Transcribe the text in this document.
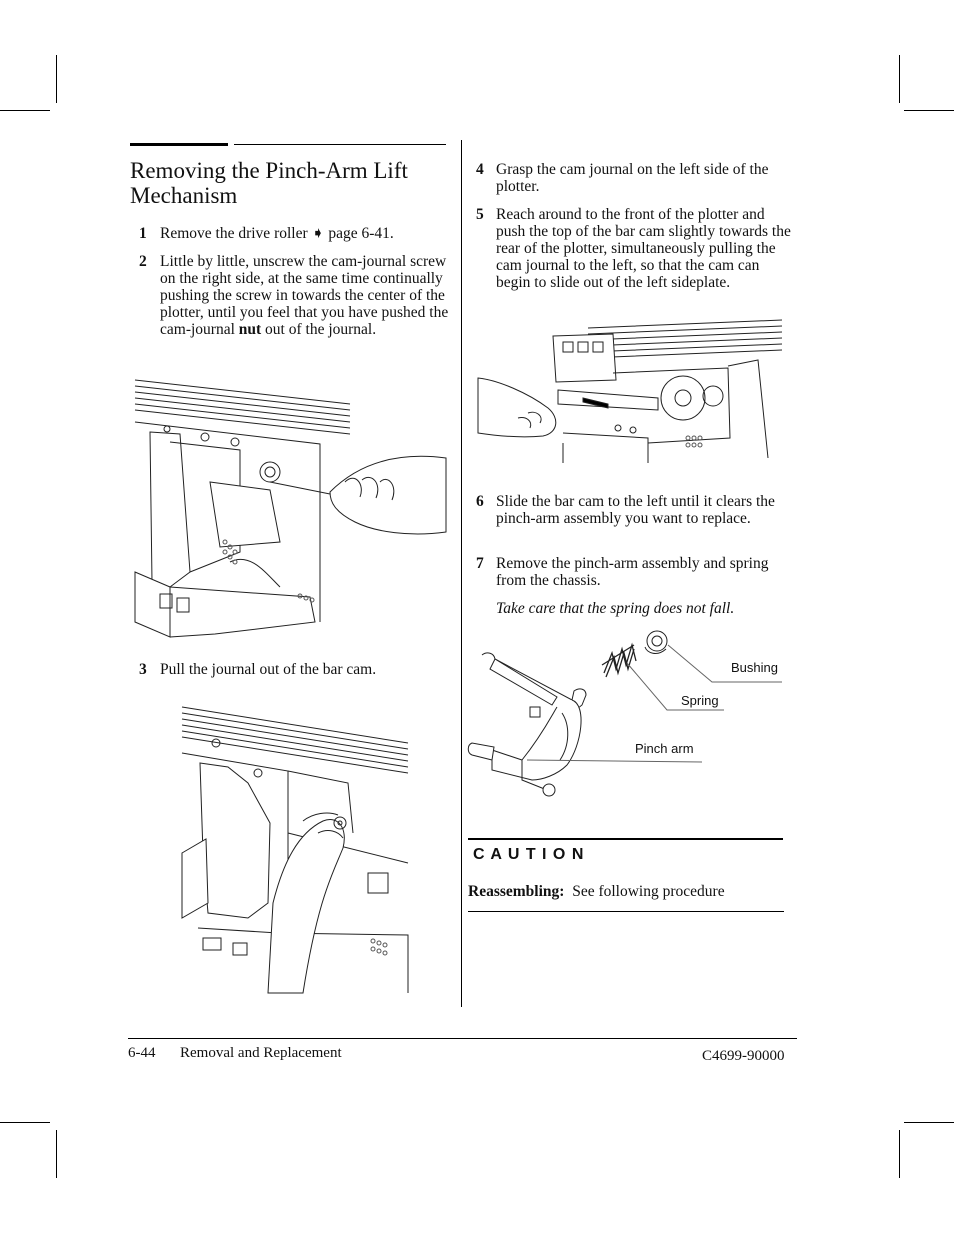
Removing the Pinch-Arm Lift Mechanism
1 Remove the drive roller ➧ page 6-41.
2 Little by little, unscrew the cam-journal screw on the right side, at the same time continually pushing the screw in towards the center of the plotter, until you feel that you have pushed the cam-journal nut out of the journal.
3 Pull the journal out of the bar cam.
4 Grasp the cam journal on the left side of the plotter.
5 Reach around to the front of the plotter and push the top of the bar cam slightly towards the rear of the plotter, simultaneously pulling the cam journal to the left, so that the cam can begin to slide out of the left sideplate.
6 Slide the bar cam to the left until it clears the pinch-arm assembly you want to replace.
7 Remove the pinch-arm assembly and spring from the chassis.
Take care that the spring does not fall.
Bushing
Spring
Pinch arm
C A U T I O N
Reassembling: See following procedure
6-44 Removal and Replacement	C4699-90000
